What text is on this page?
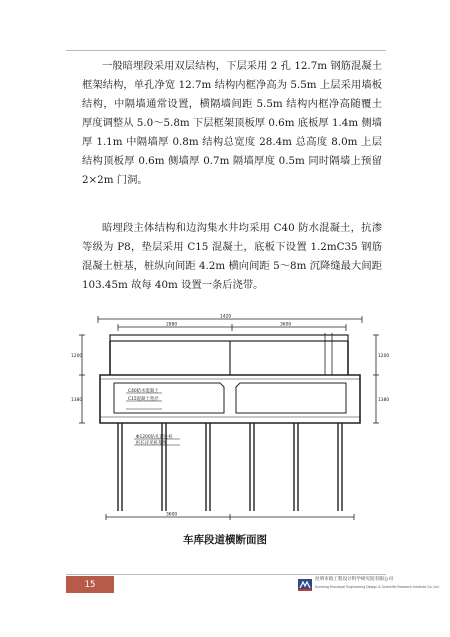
一般暗埋段采用双层结构，下层采用 2 孔 12.7m 钢筋混凝土框架结构，单孔净宽 12.7m 结构内框净高为 5.5m 上层采用墙板结构，中隔墙通常设置，横隔墙间距 5.5m 结构内框净高随覆土厚度调整从 5.0～5.8m 下层框架顶板厚 0.6m 底板厚 1.4m 侧墙厚 1.1m 中隔墙厚 0.8m 结构总宽度 28.4m 总高度 8.0m 上层结构顶板厚 0.6m 侧墙厚 0.7m 隔墙厚度 0.5m 同时隔墙上预留 2×2m 门洞。

暗埋段主体结构和边沟集水井均采用 C40 防水混凝土，抗渗等级为 P8，垫层采用 C15 混凝土，底板下设置 1.2mC35 钢筋混凝土桩基，桩纵向间距 4.2m 横向间距 5～8m 沉降缝最大间距 103.45m 故每 40m 设置一条后浇带。

1420
2880	3600
3600
1200	1200
1380	1380
C40防水混凝土
C15混凝土垫层
Φ1200钻孔灌注桩
桩长详见桩基图
车库段道横断面图
15	昆明市政工程设计科学研究院有限公司
Kunming Municipal Engineering Design & Scientific Research Institute Co.,Ltd.
